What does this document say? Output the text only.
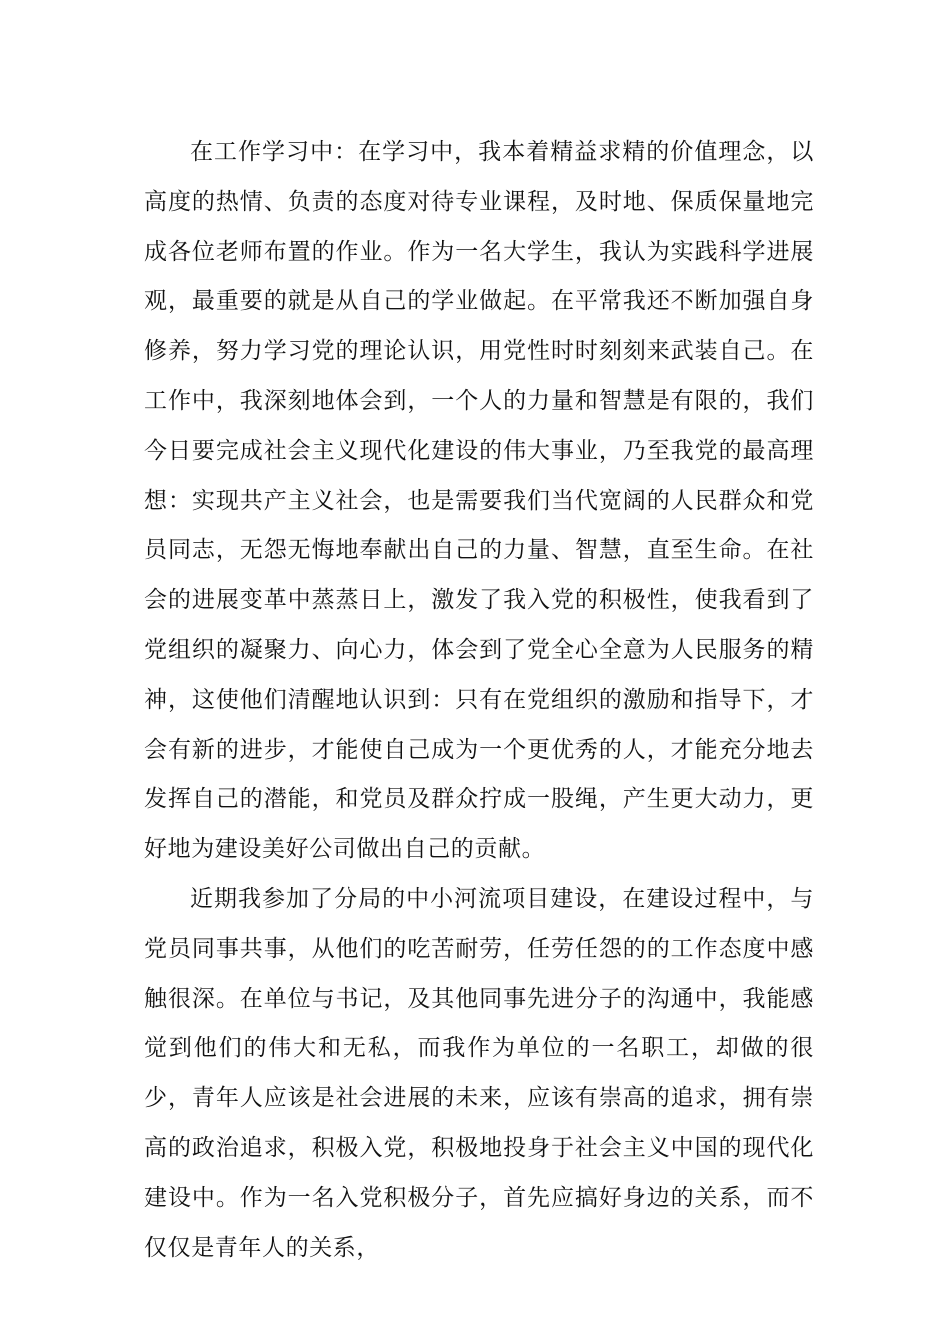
在工作学习中：在学习中，我本着精益求精的价值理念，以高度的热情、负责的态度对待专业课程，及时地、保质保量地完成各位老师布置的作业。作为一名大学生，我认为实践科学进展观，最重要的就是从自己的学业做起。在平常我还不断加强自身修养，努力学习党的理论认识，用党性时时刻刻来武装自己。在工作中，我深刻地体会到，一个人的力量和智慧是有限的，我们今日要完成社会主义现代化建设的伟大事业，乃至我党的最高理想：实现共产主义社会，也是需要我们当代宽阔的人民群众和党员同志，无怨无悔地奉献出自己的力量、智慧，直至生命。在社会的进展变革中蒸蒸日上，激发了我入党的积极性，使我看到了党组织的凝聚力、向心力，体会到了党全心全意为人民服务的精神，这使他们清醒地认识到：只有在党组织的激励和指导下，才会有新的进步，才能使自己成为一个更优秀的人，才能充分地去发挥自己的潜能，和党员及群众拧成一股绳，产生更大动力，更好地为建设美好公司做出自己的贡献。

近期我参加了分局的中小河流项目建设，在建设过程中，与党员同事共事，从他们的吃苦耐劳，任劳任怨的的工作态度中感触很深。在单位与书记，及其他同事先进分子的沟通中，我能感觉到他们的伟大和无私，而我作为单位的一名职工，却做的很少，青年人应该是社会进展的未来，应该有崇高的追求，拥有崇高的政治追求，积极入党，积极地投身于社会主义中国的现代化建设中。作为一名入党积极分子，首先应搞好身边的关系，而不仅仅是青年人的关系，
